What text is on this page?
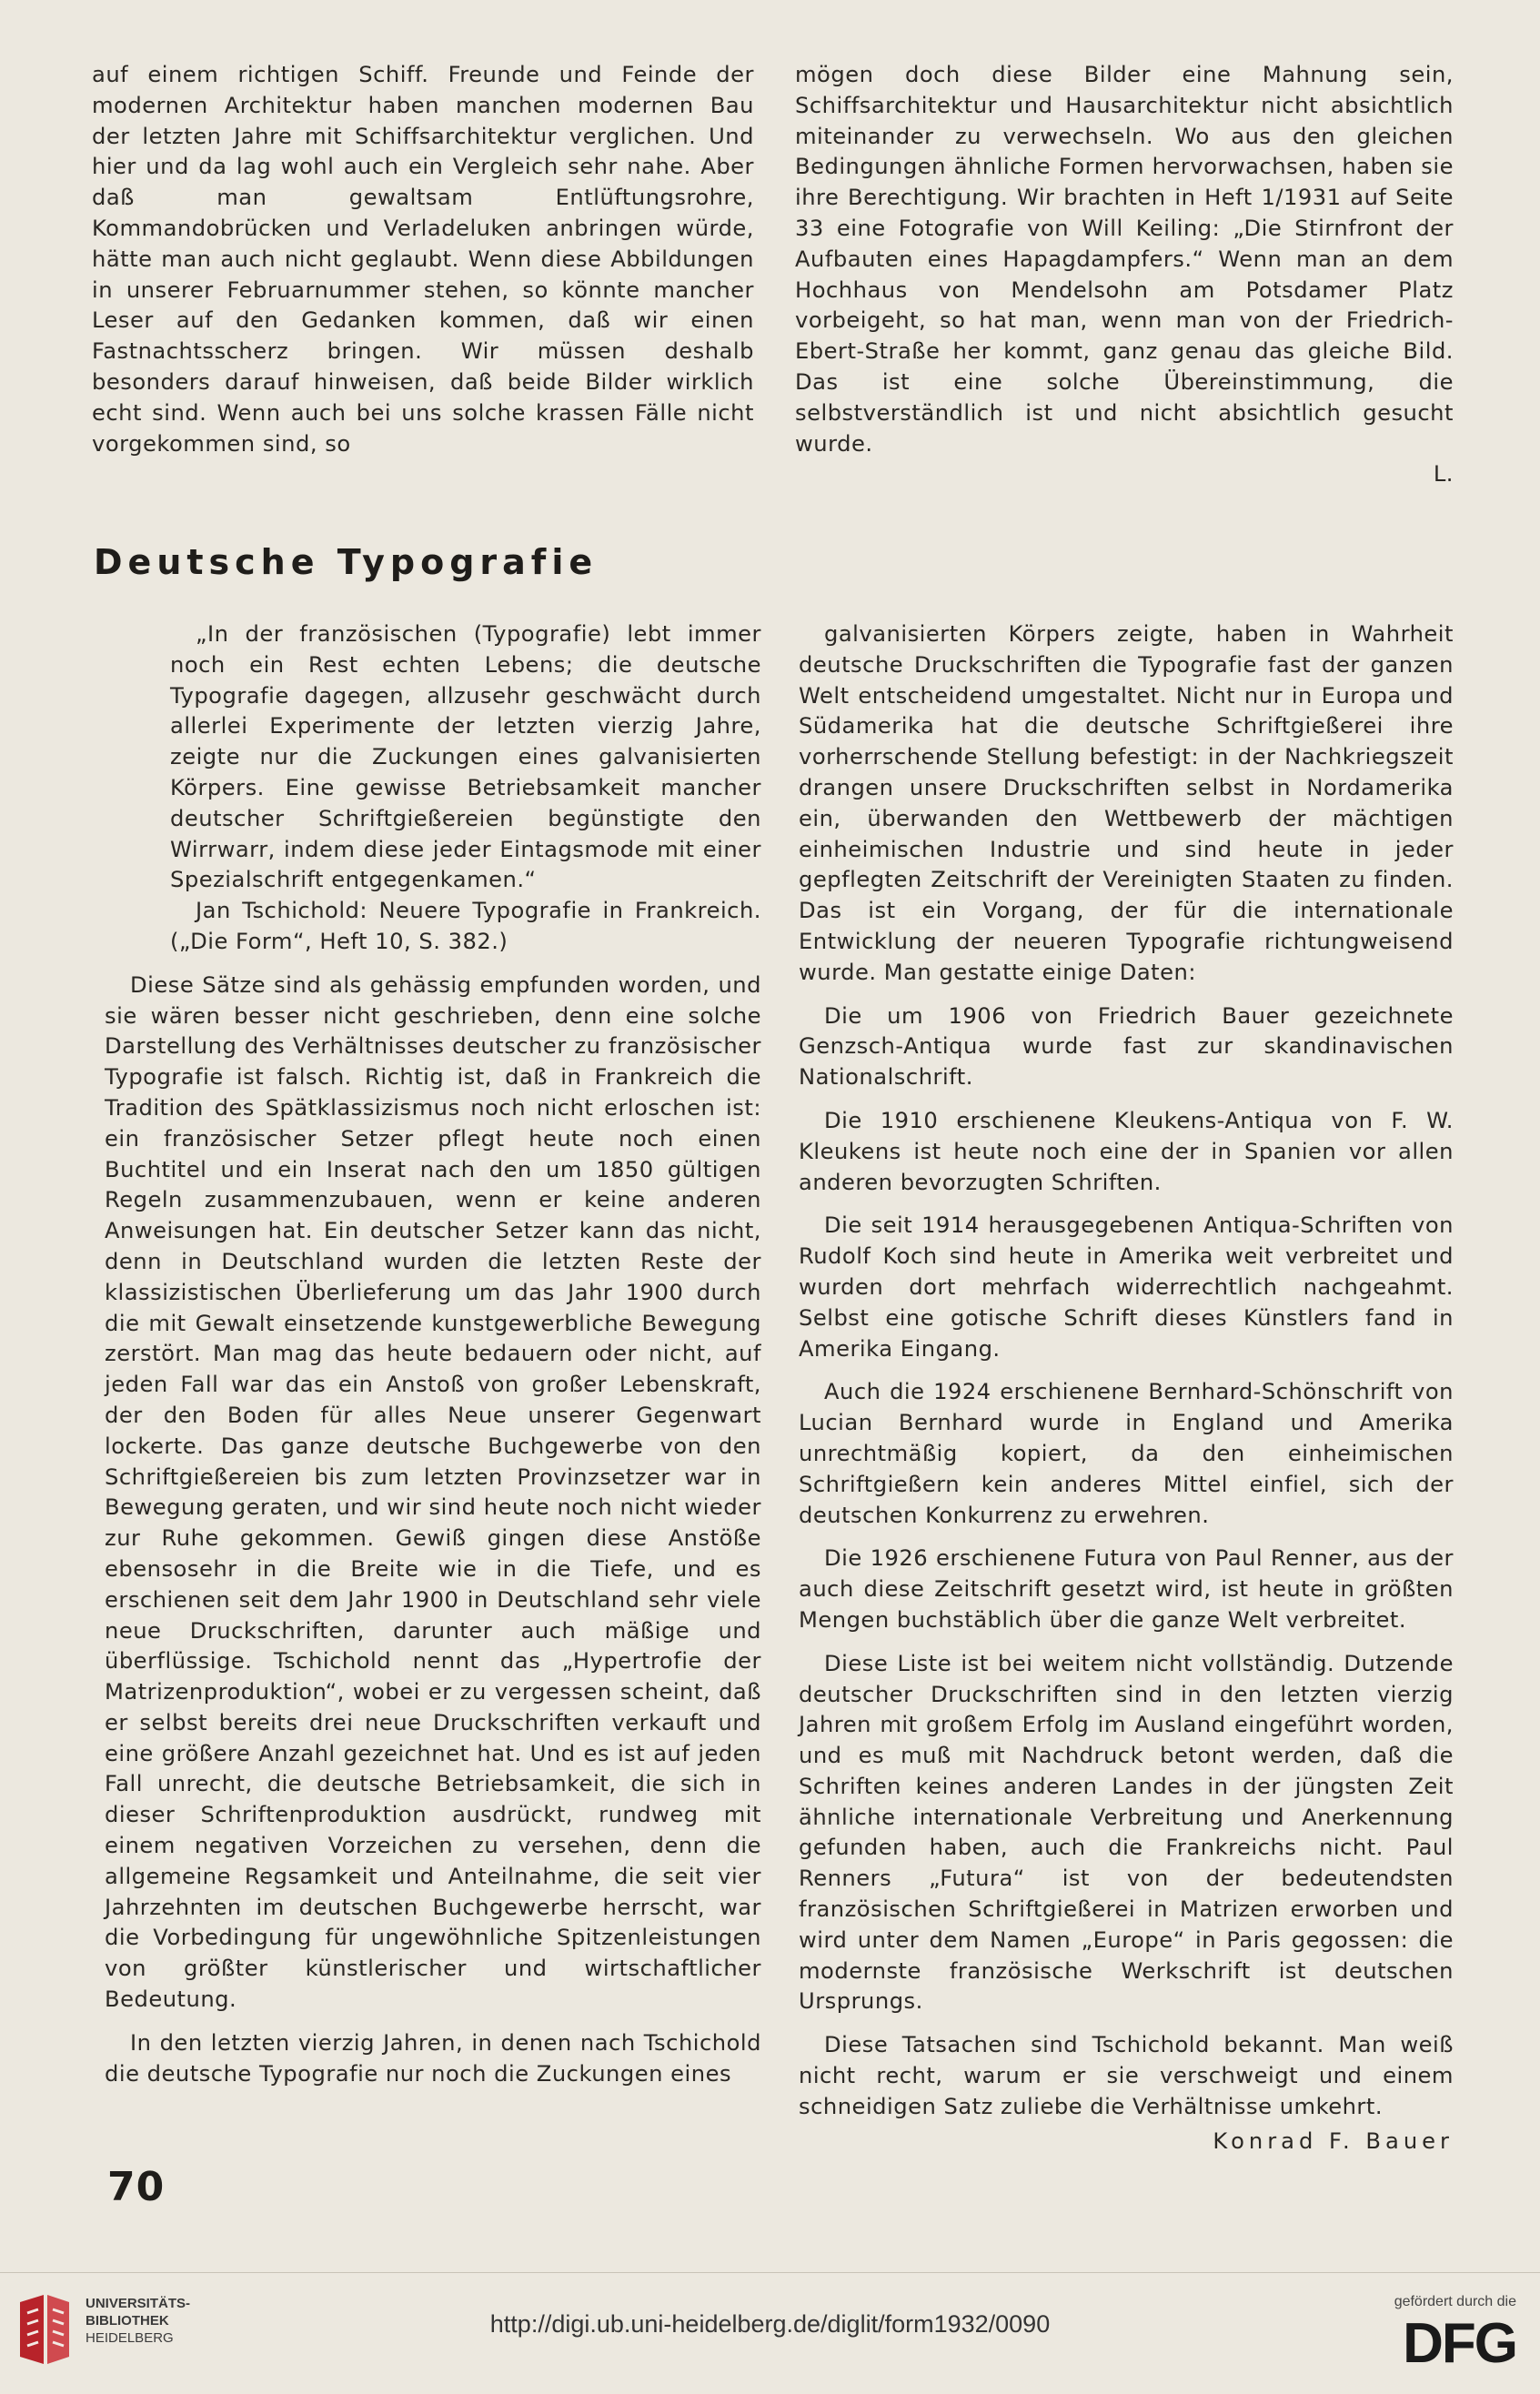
auf einem richtigen Schiff. Freunde und Feinde der modernen Architektur haben manchen modernen Bau der letzten Jahre mit Schiffsarchitektur verglichen. Und hier und da lag wohl auch ein Vergleich sehr nahe. Aber daß man gewaltsam Entlüftungsrohre, Kommandobrücken und Verladeluken anbringen würde, hätte man auch nicht geglaubt. Wenn diese Abbildungen in unserer Februarnummer stehen, so könnte mancher Leser auf den Gedanken kommen, daß wir einen Fastnachtsscherz bringen. Wir müssen deshalb besonders darauf hinweisen, daß beide Bilder wirklich echt sind. Wenn auch bei uns solche krassen Fälle nicht vorgekommen sind, so

mögen doch diese Bilder eine Mahnung sein, Schiffsarchitektur und Hausarchitektur nicht absichtlich miteinander zu verwechseln. Wo aus den gleichen Bedingungen ähnliche Formen hervorwachsen, haben sie ihre Berechtigung. Wir brachten in Heft 1/1931 auf Seite 33 eine Fotografie von Will Keiling: „Die Stirnfront der Aufbauten eines Hapagdampfers.“ Wenn man an dem Hochhaus von Mendelsohn am Potsdamer Platz vorbeigeht, so hat man, wenn man von der Friedrich-Ebert-Straße her kommt, ganz genau das gleiche Bild. Das ist eine solche Übereinstimmung, die selbstverständlich ist und nicht absichtlich gesucht wurde.

L.
Deutsche Typografie

„In der französischen (Typografie) lebt immer noch ein Rest echten Lebens; die deutsche Typografie dagegen, allzusehr geschwächt durch allerlei Experimente der letzten vierzig Jahre, zeigte nur die Zuckungen eines galvanisierten Körpers. Eine gewisse Betriebsamkeit mancher deutscher Schriftgießereien begünstigte den Wirrwarr, indem diese jeder Eintagsmode mit einer Spezialschrift entgegenkamen.“

Jan Tschichold: Neuere Typografie in Frankreich. („Die Form“, Heft 10, S. 382.)

Diese Sätze sind als gehässig empfunden worden, und sie wären besser nicht geschrieben, denn eine solche Darstellung des Verhältnisses deutscher zu französischer Typografie ist falsch. Richtig ist, daß in Frankreich die Tradition des Spätklassizismus noch nicht erloschen ist: ein französischer Setzer pflegt heute noch einen Buchtitel und ein Inserat nach den um 1850 gültigen Regeln zusammenzubauen, wenn er keine anderen Anweisungen hat. Ein deutscher Setzer kann das nicht, denn in Deutschland wurden die letzten Reste der klassizistischen Überlieferung um das Jahr 1900 durch die mit Gewalt einsetzende kunstgewerbliche Bewegung zerstört. Man mag das heute bedauern oder nicht, auf jeden Fall war das ein Anstoß von großer Lebenskraft, der den Boden für alles Neue unserer Gegenwart lockerte. Das ganze deutsche Buchgewerbe von den Schriftgießereien bis zum letzten Provinzsetzer war in Bewegung geraten, und wir sind heute noch nicht wieder zur Ruhe gekommen. Gewiß gingen diese Anstöße ebensosehr in die Breite wie in die Tiefe, und es erschienen seit dem Jahr 1900 in Deutschland sehr viele neue Druckschriften, darunter auch mäßige und überflüssige. Tschichold nennt das „Hypertrofie der Matrizenproduktion“, wobei er zu vergessen scheint, daß er selbst bereits drei neue Druckschriften verkauft und eine größere Anzahl gezeichnet hat. Und es ist auf jeden Fall unrecht, die deutsche Betriebsamkeit, die sich in dieser Schriftenproduktion ausdrückt, rundweg mit einem negativen Vorzeichen zu versehen, denn die allgemeine Regsamkeit und Anteilnahme, die seit vier Jahrzehnten im deutschen Buchgewerbe herrscht, war die Vorbedingung für ungewöhnliche Spitzenleistungen von größter künstlerischer und wirtschaftlicher Bedeutung.

In den letzten vierzig Jahren, in denen nach Tschichold die deutsche Typografie nur noch die Zuckungen eines

galvanisierten Körpers zeigte, haben in Wahrheit deutsche Druckschriften die Typografie fast der ganzen Welt entscheidend umgestaltet. Nicht nur in Europa und Südamerika hat die deutsche Schriftgießerei ihre vorherrschende Stellung befestigt: in der Nachkriegszeit drangen unsere Druckschriften selbst in Nordamerika ein, überwanden den Wettbewerb der mächtigen einheimischen Industrie und sind heute in jeder gepflegten Zeitschrift der Vereinigten Staaten zu finden. Das ist ein Vorgang, der für die internationale Entwicklung der neueren Typografie richtungweisend wurde. Man gestatte einige Daten:

Die um 1906 von Friedrich Bauer gezeichnete Genzsch-Antiqua wurde fast zur skandinavischen Nationalschrift.

Die 1910 erschienene Kleukens-Antiqua von F. W. Kleukens ist heute noch eine der in Spanien vor allen anderen bevorzugten Schriften.

Die seit 1914 herausgegebenen Antiqua-Schriften von Rudolf Koch sind heute in Amerika weit verbreitet und wurden dort mehrfach widerrechtlich nachgeahmt. Selbst eine gotische Schrift dieses Künstlers fand in Amerika Eingang.

Auch die 1924 erschienene Bernhard-Schönschrift von Lucian Bernhard wurde in England und Amerika unrechtmäßig kopiert, da den einheimischen Schriftgießern kein anderes Mittel einfiel, sich der deutschen Konkurrenz zu erwehren.

Die 1926 erschienene Futura von Paul Renner, aus der auch diese Zeitschrift gesetzt wird, ist heute in größten Mengen buchstäblich über die ganze Welt verbreitet.

Diese Liste ist bei weitem nicht vollständig. Dutzende deutscher Druckschriften sind in den letzten vierzig Jahren mit großem Erfolg im Ausland eingeführt worden, und es muß mit Nachdruck betont werden, daß die Schriften keines anderen Landes in der jüngsten Zeit ähnliche internationale Verbreitung und Anerkennung gefunden haben, auch die Frankreichs nicht. Paul Renners „Futura“ ist von der bedeutendsten französischen Schriftgießerei in Matrizen erworben und wird unter dem Namen „Europe“ in Paris gegossen: die modernste französische Werkschrift ist deutschen Ursprungs.

Diese Tatsachen sind Tschichold bekannt. Man weiß nicht recht, warum er sie verschweigt und einem schneidigen Satz zuliebe die Verhältnisse umkehrt.

Konrad F. Bauer

70
UNIVERSITÄTS-
BIBLIOTHEK
HEIDELBERG
http://digi.ub.uni-heidelberg.de/diglit/form1932/0090
gefördert durch die
DFG
